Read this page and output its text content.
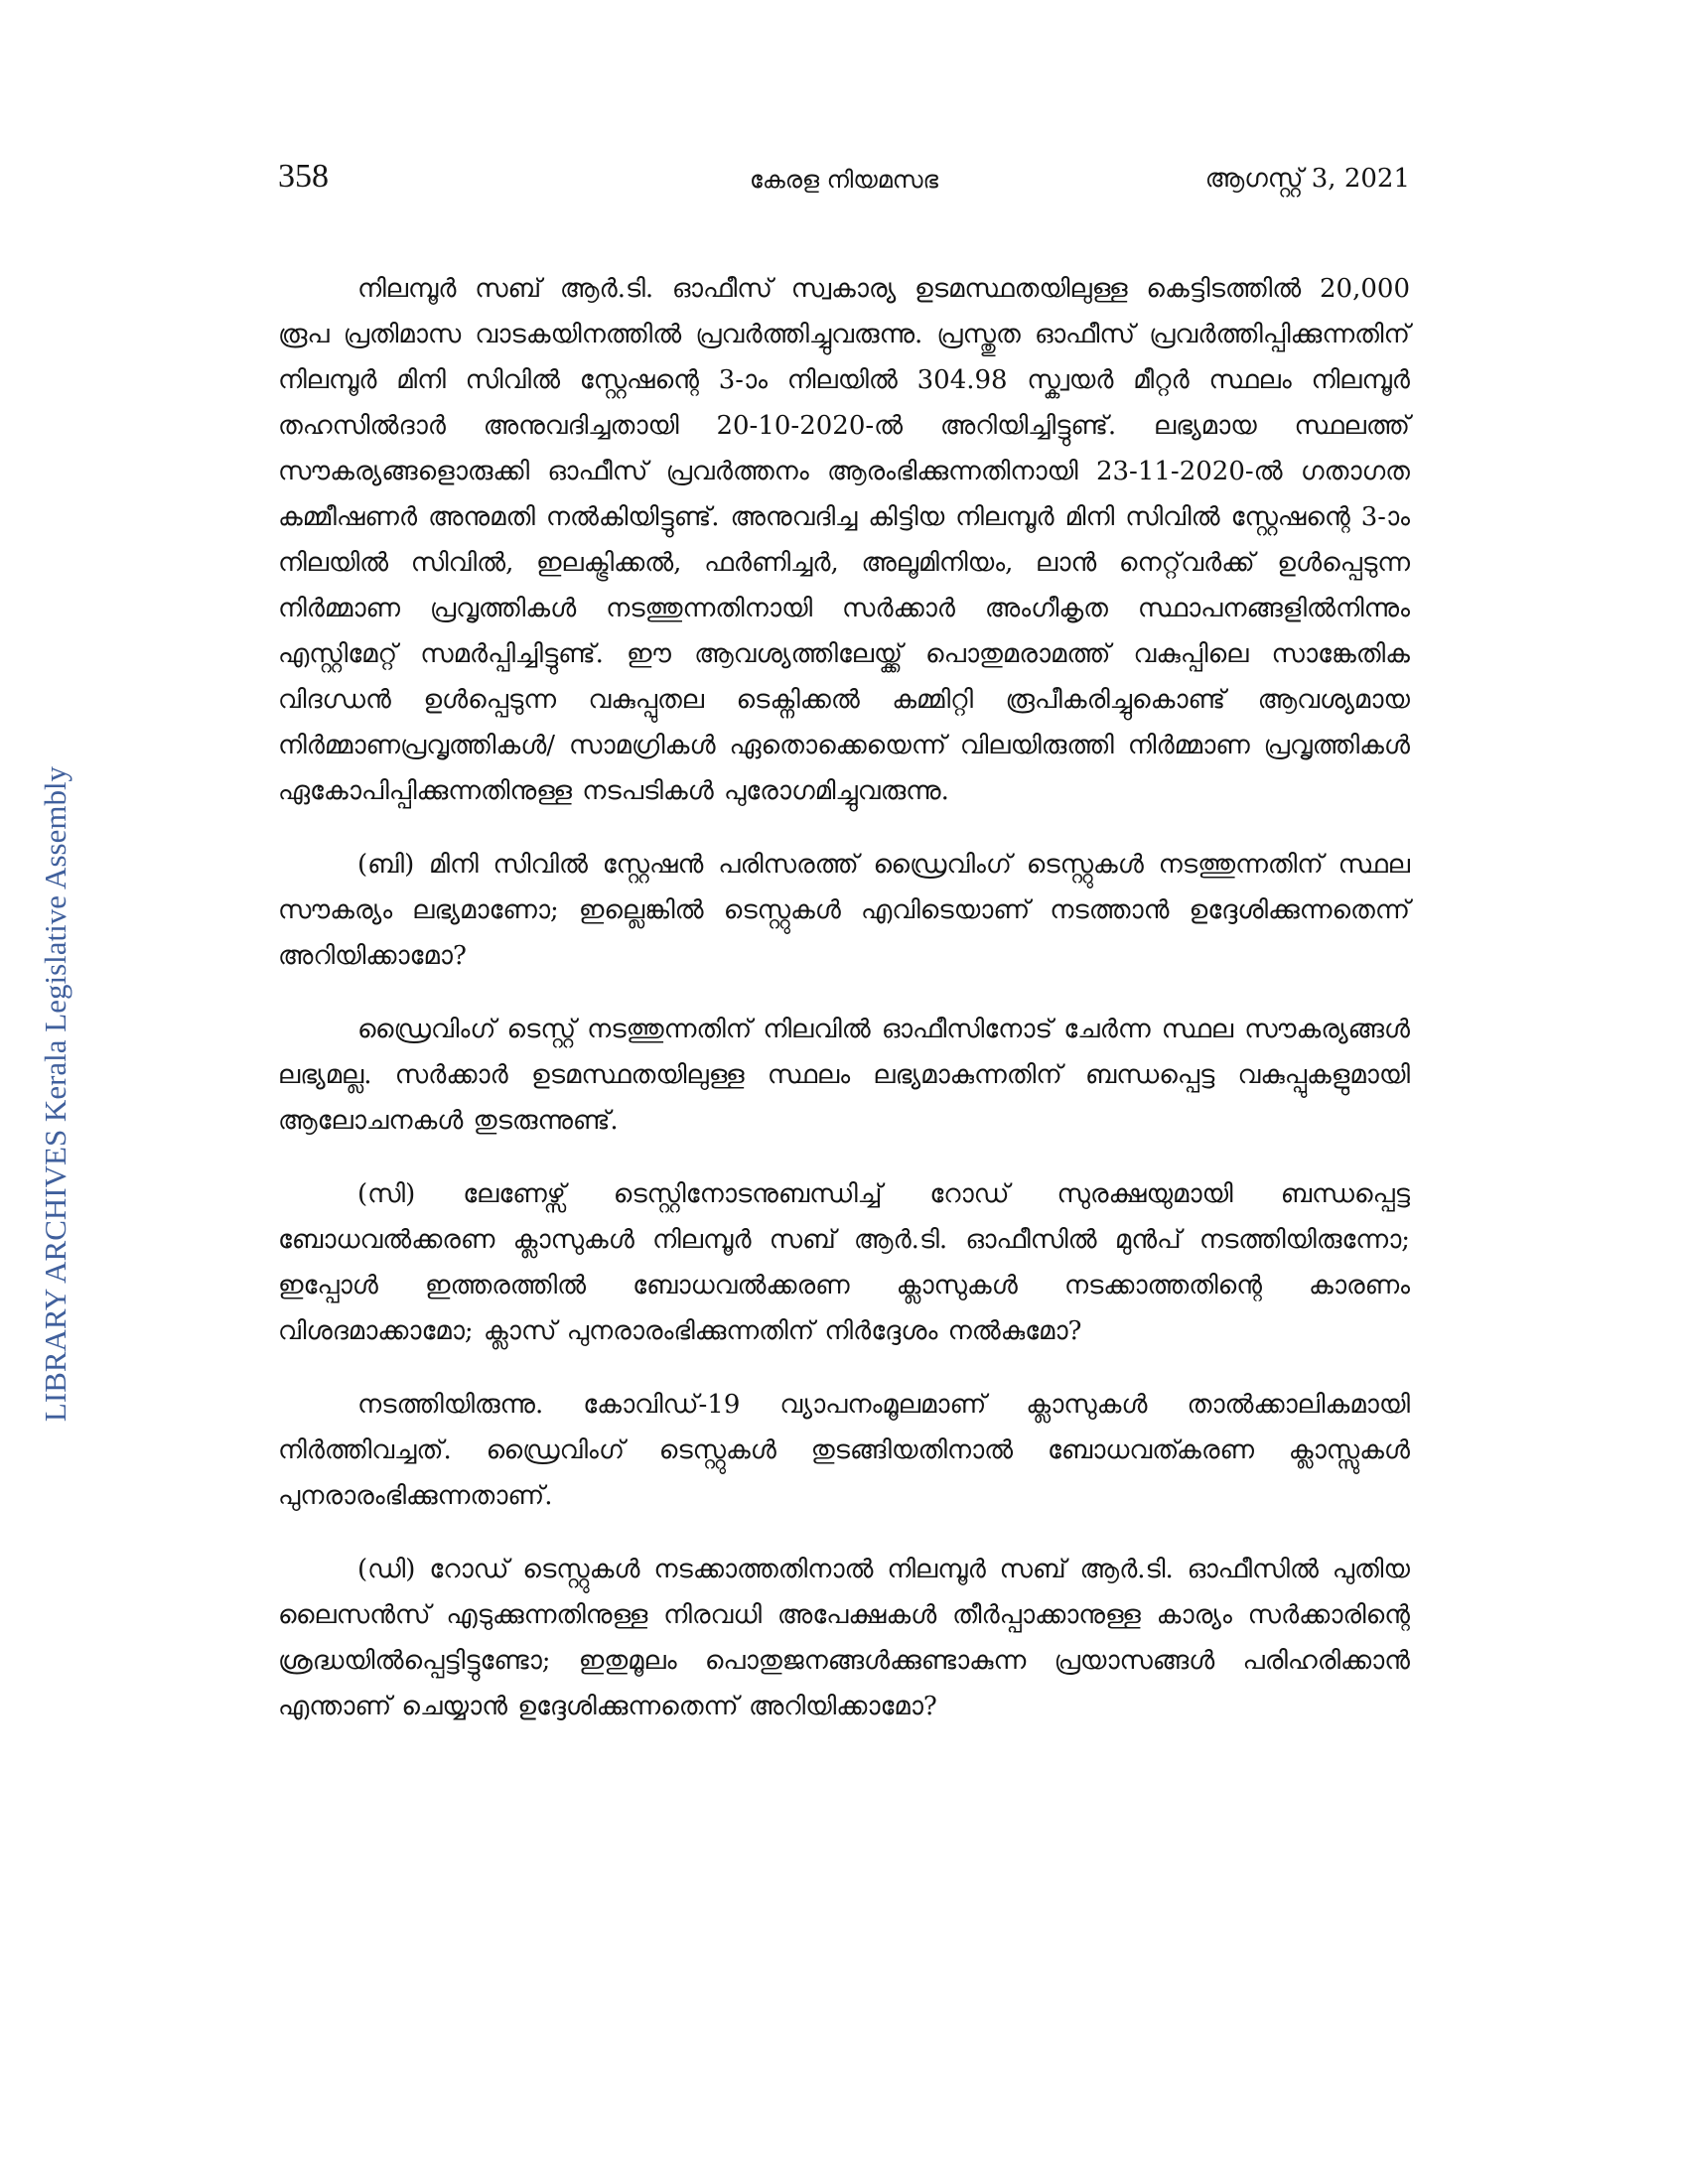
358	കേരള നിയമസഭ	ആഗസ്റ്റ് 3, 2021
LIBRARY ARCHIVES Kerala Legislative Assembly

നിലമ്പൂർ സബ് ആർ.ടി. ഓഫീസ് സ്വകാര്യ ഉടമസ്ഥതയിലുള്ള കെട്ടിടത്തിൽ 20,000 രൂപ പ്രതിമാസ വാടകയിനത്തിൽ പ്രവർത്തിച്ചുവരുന്നു. പ്രസ്തുത ഓഫീസ് പ്രവർത്തിപ്പിക്കുന്നതിന് നിലമ്പൂർ മിനി സിവിൽ സ്റ്റേഷന്റെ 3-ാം നിലയിൽ 304.98 സ്ക്വയർ മീറ്റർ സ്ഥലം നിലമ്പൂർ തഹസിൽദാർ അനുവദിച്ചതായി 20-10-2020-ൽ അറിയിച്ചിട്ടുണ്ട്. ലഭ്യമായ സ്ഥലത്ത് സൗകര്യങ്ങളൊരുക്കി ഓഫീസ് പ്രവർത്തനം ആരംഭിക്കുന്നതിനായി 23-11-2020-ൽ ഗതാഗത കമ്മീഷണർ അനുമതി നൽകിയിട്ടുണ്ട്. അനുവദിച്ച കിട്ടിയ നിലമ്പൂർ മിനി സിവിൽ സ്റ്റേഷന്റെ 3-ാം നിലയിൽ സിവിൽ, ഇലക്ട്രിക്കൽ, ഫർണിച്ചർ, അലൂമിനിയം, ലാൻ നെറ്റ്‌വർക്ക് ഉൾപ്പെടുന്ന നിർമ്മാണ പ്രവൃത്തികൾ നടത്തുന്നതിനായി സർക്കാർ അംഗീകൃത സ്ഥാപനങ്ങളിൽനിന്നും എസ്റ്റിമേറ്റ് സമർപ്പിച്ചിട്ടുണ്ട്. ഈ ആവശ്യത്തിലേയ്ക്ക് പൊതുമരാമത്ത് വകുപ്പിലെ സാങ്കേതിക വിദഗ്ധൻ ഉൾപ്പെടുന്ന വകുപ്പുതല ടെക്നിക്കൽ കമ്മിറ്റി രൂപീകരിച്ചുകൊണ്ട് ആവശ്യമായ നിർമ്മാണപ്രവൃത്തികൾ/ സാമഗ്രികൾ ഏതൊക്കെയെന്ന് വിലയിരുത്തി നിർമ്മാണ പ്രവൃത്തികൾ ഏകോപിപ്പിക്കുന്നതിനുള്ള നടപടികൾ പുരോഗമിച്ചുവരുന്നു.

(ബി) മിനി സിവിൽ സ്റ്റേഷൻ പരിസരത്ത് ഡ്രൈവിംഗ് ടെസ്റ്റുകൾ നടത്തുന്നതിന് സ്ഥല സൗകര്യം ലഭ്യമാണോ; ഇല്ലെങ്കിൽ ടെസ്റ്റുകൾ എവിടെയാണ് നടത്താൻ ഉദ്ദേശിക്കുന്നതെന്ന് അറിയിക്കാമോ?

ഡ്രൈവിംഗ് ടെസ്റ്റ് നടത്തുന്നതിന് നിലവിൽ ഓഫീസിനോട് ചേർന്ന സ്ഥല സൗകര്യങ്ങൾ ലഭ്യമല്ല. സർക്കാർ ഉടമസ്ഥതയിലുള്ള സ്ഥലം ലഭ്യമാകുന്നതിന് ബന്ധപ്പെട്ട വകുപ്പുകളുമായി ആലോചനകൾ തുടരുന്നുണ്ട്.

(സി) ലേണേഴ്സ് ടെസ്റ്റിനോടനുബന്ധിച്ച് റോഡ് സുരക്ഷയുമായി ബന്ധപ്പെട്ട ബോധവൽക്കരണ ക്ലാസുകൾ നിലമ്പൂർ സബ് ആർ.ടി. ഓഫീസിൽ മുൻപ് നടത്തിയിരുന്നോ; ഇപ്പോൾ ഇത്തരത്തിൽ ബോധവൽക്കരണ ക്ലാസുകൾ നടക്കാത്തതിന്റെ കാരണം വിശദമാക്കാമോ; ക്ലാസ് പുനരാരംഭിക്കുന്നതിന് നിർദ്ദേശം നൽകുമോ?

നടത്തിയിരുന്നു. കോവിഡ്-19 വ്യാപനംമൂലമാണ് ക്ലാസുകൾ താൽക്കാലികമായി നിർത്തിവച്ചത്. ഡ്രൈവിംഗ് ടെസ്റ്റുകൾ തുടങ്ങിയതിനാൽ ബോധവത്കരണ ക്ലാസ്സുകൾ പുനരാരംഭിക്കുന്നതാണ്.

(ഡി) റോഡ് ടെസ്റ്റുകൾ നടക്കാത്തതിനാൽ നിലമ്പൂർ സബ് ആർ.ടി. ഓഫീസിൽ പുതിയ ലൈസൻസ് എടുക്കുന്നതിനുള്ള നിരവധി അപേക്ഷകൾ തീർപ്പാക്കാനുള്ള കാര്യം സർക്കാരിന്റെ ശ്രദ്ധയിൽപ്പെട്ടിട്ടുണ്ടോ; ഇതുമൂലം പൊതുജനങ്ങൾക്കുണ്ടാകുന്ന പ്രയാസങ്ങൾ പരിഹരിക്കാൻ എന്താണ് ചെയ്യാൻ ഉദ്ദേശിക്കുന്നതെന്ന് അറിയിക്കാമോ?
